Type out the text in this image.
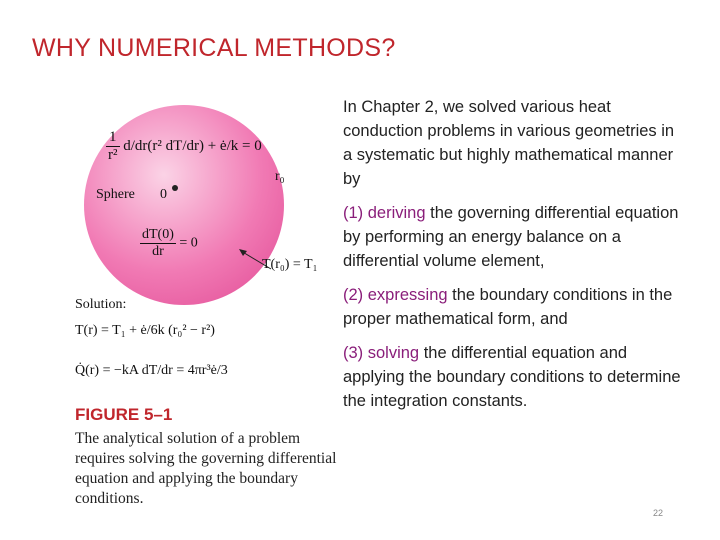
WHY NUMERICAL METHODS?
$\frac{1}{\text{r²}} d/dr(r^2$ dT/dr) + ė/k = 0
Sphere 0
r₀
$\frac{dT(0)}{dr} = 0$
T(r₀) = T₁
Solution:
T(r) = T₁ + ė/6k (r₀² − r²)
Q̇(r) = −kA dT/dr = 4πr³ė/3
FIGURE 5–1
The analytical solution of a problem requires solving the governing differential equation and applying the boundary conditions.

In Chapter 2, we solved various heat conduction problems in various geometries in a systematic but highly mathematical manner by

(1) deriving the governing differential equation by performing an energy balance on a differential volume element,

(2) expressing the boundary conditions in the proper mathematical form, and

(3) solving the differential equation and applying the boundary conditions to determine the integration constants.

22
